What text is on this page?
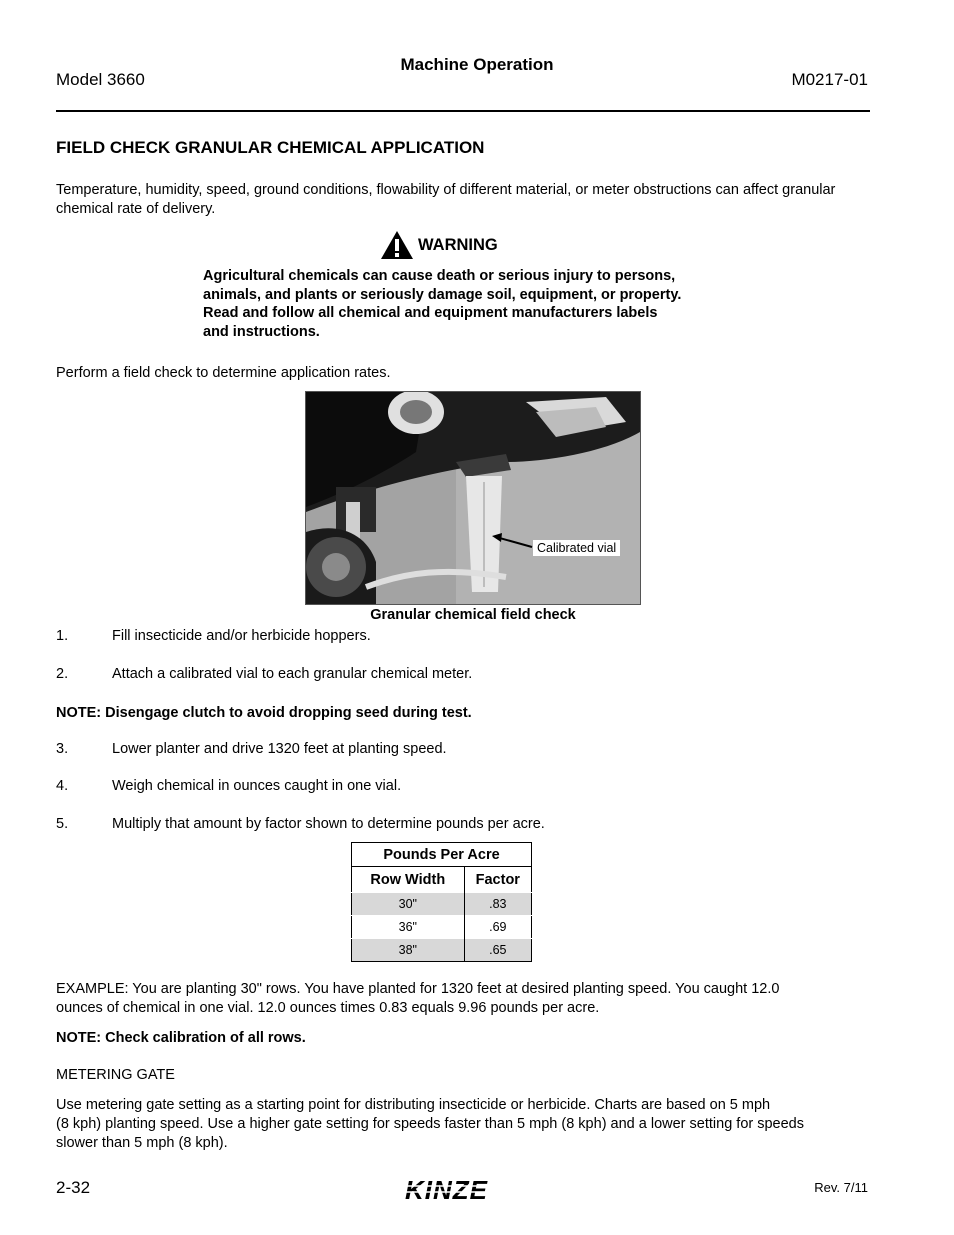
Model 3660
Machine Operation
M0217-01
FIELD CHECK GRANULAR CHEMICAL APPLICATION
Temperature, humidity, speed, ground conditions, flowability of different material, or meter obstructions can affect granular chemical rate of delivery.
WARNING
Agricultural chemicals can cause death or serious injury to persons,
animals, and plants or seriously damage soil, equipment, or property.
Read and follow all chemical and equipment manufacturers labels
and instructions.
Perform a field check to determine application rates.
Calibrated vial
Granular chemical field check
1.	Fill insecticide and/or herbicide hoppers.
2.	Attach a calibrated vial to each granular chemical meter.
NOTE: Disengage clutch to avoid dropping seed during test.
3.	Lower planter and drive 1320 feet at planting speed.
4.	Weigh chemical in ounces caught in one vial.
5.	Multiply that amount by factor shown to determine pounds per acre.
Pounds Per Acre	
Row Width	Factor
30"	.83
36"	.69
38"	.65
EXAMPLE: You are planting 30" rows. You have planted for 1320 feet at desired planting speed. You caught 12.0
ounces of chemical in one vial. 12.0 ounces times 0.83 equals 9.96 pounds per acre.
NOTE: Check calibration of all rows.
METERING GATE
Use metering gate setting as a starting point for distributing insecticide or herbicide. Charts are based on 5 mph
(8 kph) planting speed. Use a higher gate setting for speeds faster than 5 mph (8 kph) and a lower setting for speeds
slower than 5 mph (8 kph).
2-32	KINZE	Rev. 7/11
